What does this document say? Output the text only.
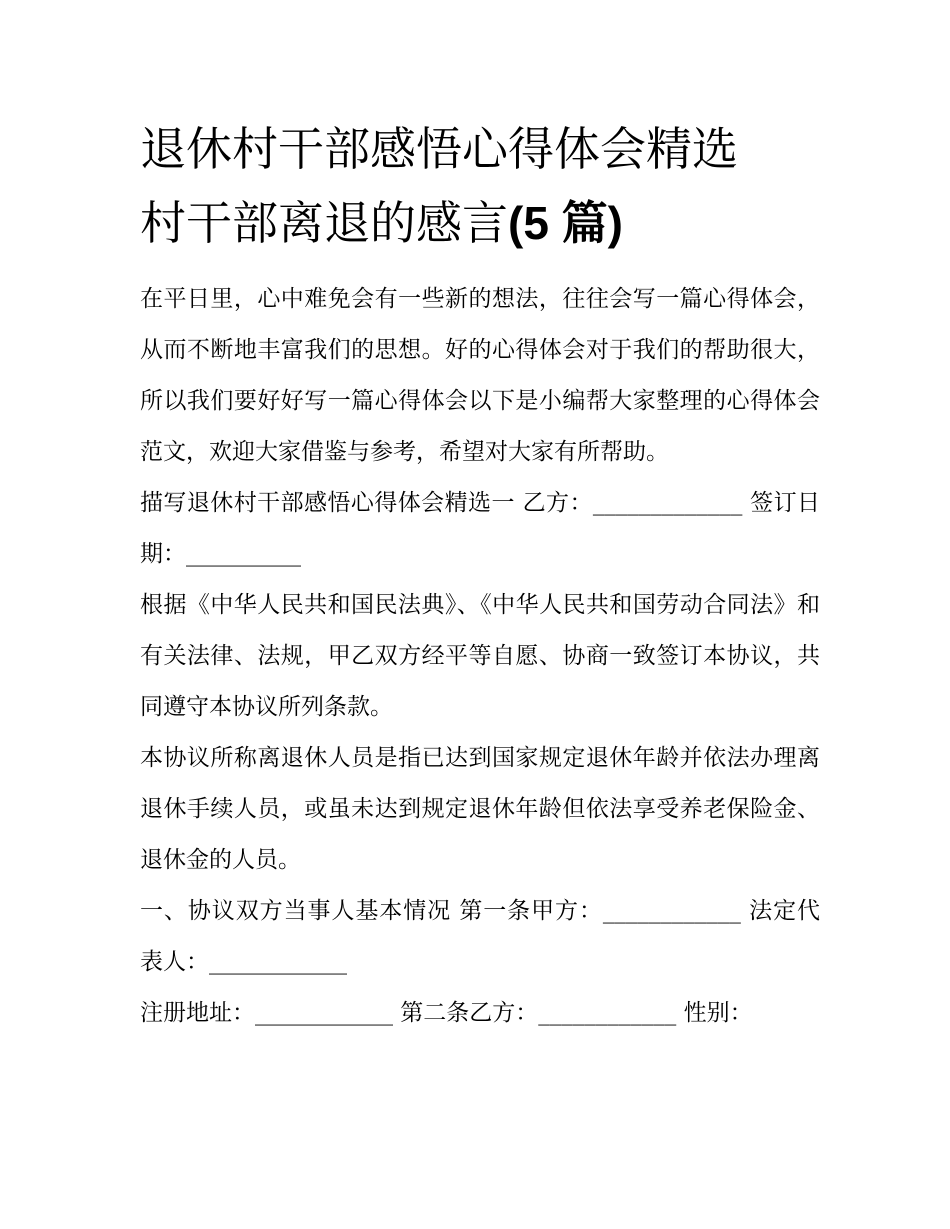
退休村干部感悟心得体会精选
村干部离退的感言(5 篇)

在平日里，心中难免会有一些新的想法，往往会写一篇心得体会，从而不断地丰富我们的思想。好的心得体会对于我们的帮助很大，所以我们要好好写一篇心得体会以下是小编帮大家整理的心得体会范文，欢迎大家借鉴与参考，希望对大家有所帮助。

描写退休村干部感悟心得体会精选一 乙方：_____________ 签订日期：__________

根据《中华人民共和国民法典》、《中华人民共和国劳动合同法》和有关法律、法规，甲乙双方经平等自愿、协商一致签订本协议，共同遵守本协议所列条款。

本协议所称离退休人员是指已达到国家规定退休年龄并依法办理离退休手续人员，或虽未达到规定退休年龄但依法享受养老保险金、退休金的人员。

一、协议双方当事人基本情况 第一条甲方：____________ 法定代表人：____________

注册地址：____________ 第二条乙方：____________ 性别：
